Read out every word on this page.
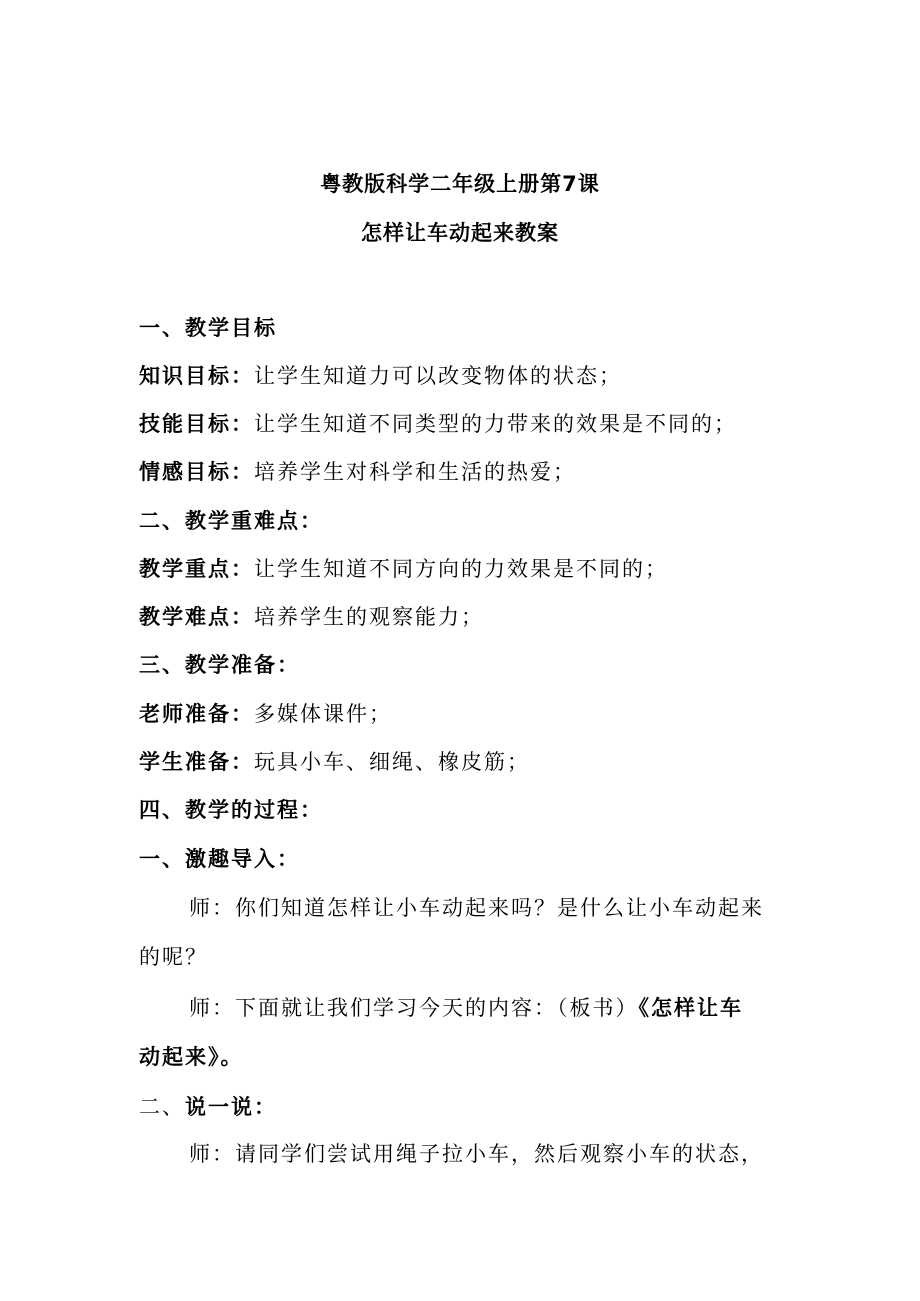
粤教版科学二年级上册第7课
怎样让车动起来教案
一、教学目标
知识目标：让学生知道力可以改变物体的状态；
技能目标：让学生知道不同类型的力带来的效果是不同的；
情感目标：培养学生对科学和生活的热爱；
二、教学重难点：
教学重点：让学生知道不同方向的力效果是不同的；
教学难点：培养学生的观察能力；
三、教学准备：
老师准备：多媒体课件；
学生准备：玩具小车、细绳、橡皮筋；
四、教学的过程：
一、激趣导入：
师：你们知道怎样让小车动起来吗？是什么让小车动起来
的呢？
师：下面就让我们学习今天的内容：（板书）《怎样让车
动起来》。
二、说一说：
师：请同学们尝试用绳子拉小车，然后观察小车的状态，
